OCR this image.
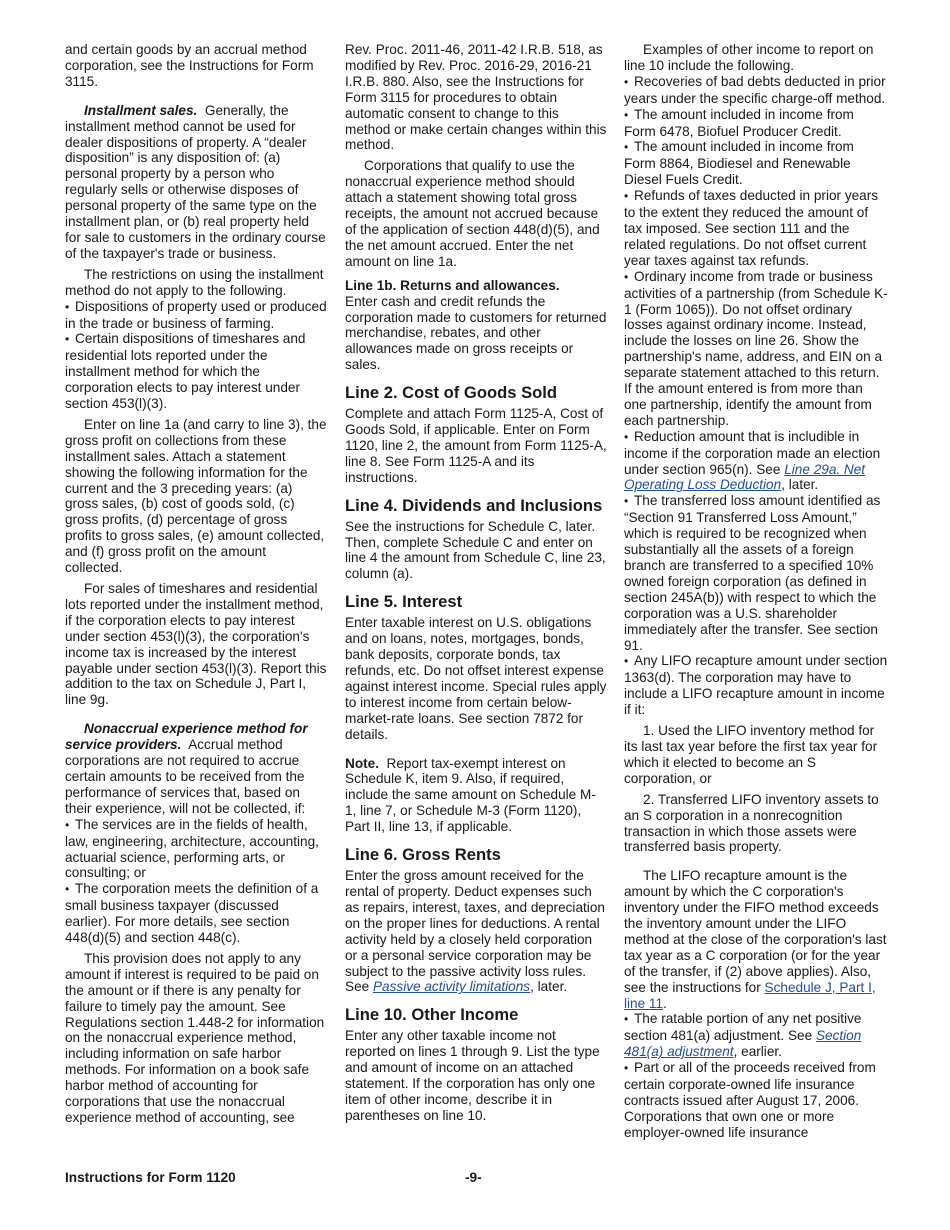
and certain goods by an accrual method corporation, see the Instructions for Form 3115.

Installment sales. Generally, the installment method cannot be used for dealer dispositions of property. A “dealer disposition” is any disposition of: (a) personal property by a person who regularly sells or otherwise disposes of personal property of the same type on the installment plan, or (b) real property held for sale to customers in the ordinary course of the taxpayer's trade or business.

The restrictions on using the installment method do not apply to the following.

• Dispositions of property used or produced in the trade or business of farming.

• Certain dispositions of timeshares and residential lots reported under the installment method for which the corporation elects to pay interest under section 453(l)(3).

Enter on line 1a (and carry to line 3), the gross profit on collections from these installment sales. Attach a statement showing the following information for the current and the 3 preceding years: (a) gross sales, (b) cost of goods sold, (c) gross profits, (d) percentage of gross profits to gross sales, (e) amount collected, and (f) gross profit on the amount collected.

For sales of timeshares and residential lots reported under the installment method, if the corporation elects to pay interest under section 453(l)(3), the corporation's income tax is increased by the interest payable under section 453(l)(3). Report this addition to the tax on Schedule J, Part I, line 9g.

Nonaccrual experience method for service providers. Accrual method corporations are not required to accrue certain amounts to be received from the performance of services that, based on their experience, will not be collected, if:

• The services are in the fields of health, law, engineering, architecture, accounting, actuarial science, performing arts, or consulting; or

• The corporation meets the definition of a small business taxpayer (discussed earlier). For more details, see section 448(d)(5) and section 448(c).

This provision does not apply to any amount if interest is required to be paid on the amount or if there is any penalty for failure to timely pay the amount. See Regulations section 1.448-2 for information on the nonaccrual experience method, including information on safe harbor methods. For information on a book safe harbor method of accounting for corporations that use the nonaccrual experience method of accounting, see

Rev. Proc. 2011-46, 2011-42 I.R.B. 518, as modified by Rev. Proc. 2016-29, 2016-21 I.R.B. 880. Also, see the Instructions for Form 3115 for procedures to obtain automatic consent to change to this method or make certain changes within this method.

Corporations that qualify to use the nonaccrual experience method should attach a statement showing total gross receipts, the amount not accrued because of the application of section 448(d)(5), and the net amount accrued. Enter the net amount on line 1a.

Line 1b. Returns and allowances.
Enter cash and credit refunds the corporation made to customers for returned merchandise, rebates, and other allowances made on gross receipts or sales.

Line 2. Cost of Goods Sold

Complete and attach Form 1125-A, Cost of Goods Sold, if applicable. Enter on Form 1120, line 2, the amount from Form 1125-A, line 8. See Form 1125-A and its instructions.

Line 4. Dividends and Inclusions

See the instructions for Schedule C, later. Then, complete Schedule C and enter on line 4 the amount from Schedule C, line 23, column (a).

Line 5. Interest

Enter taxable interest on U.S. obligations and on loans, notes, mortgages, bonds, bank deposits, corporate bonds, tax refunds, etc. Do not offset interest expense against interest income. Special rules apply to interest income from certain below-market-rate loans. See section 7872 for details.

Note. Report tax-exempt interest on Schedule K, item 9. Also, if required, include the same amount on Schedule M-1, line 7, or Schedule M-3 (Form 1120), Part II, line 13, if applicable.

Line 6. Gross Rents

Enter the gross amount received for the rental of property. Deduct expenses such as repairs, interest, taxes, and depreciation on the proper lines for deductions. A rental activity held by a closely held corporation or a personal service corporation may be subject to the passive activity loss rules. See Passive activity limitations, later.

Line 10. Other Income

Enter any other taxable income not reported on lines 1 through 9. List the type and amount of income on an attached statement. If the corporation has only one item of other income, describe it in parentheses on line 10.

Examples of other income to report on line 10 include the following.

• Recoveries of bad debts deducted in prior years under the specific charge-off method.

• The amount included in income from Form 6478, Biofuel Producer Credit.

• The amount included in income from Form 8864, Biodiesel and Renewable Diesel Fuels Credit.

• Refunds of taxes deducted in prior years to the extent they reduced the amount of tax imposed. See section 111 and the related regulations. Do not offset current year taxes against tax refunds.

• Ordinary income from trade or business activities of a partnership (from Schedule K-1 (Form 1065)). Do not offset ordinary losses against ordinary income. Instead, include the losses on line 26. Show the partnership's name, address, and EIN on a separate statement attached to this return. If the amount entered is from more than one partnership, identify the amount from each partnership.

• Reduction amount that is includible in income if the corporation made an election under section 965(n). See Line 29a. Net Operating Loss Deduction, later.

• The transferred loss amount identified as “Section 91 Transferred Loss Amount,” which is required to be recognized when substantially all the assets of a foreign branch are transferred to a specified 10% owned foreign corporation (as defined in section 245A(b)) with respect to which the corporation was a U.S. shareholder immediately after the transfer. See section 91.

• Any LIFO recapture amount under section 1363(d). The corporation may have to include a LIFO recapture amount in income if it:

1. Used the LIFO inventory method for its last tax year before the first tax year for which it elected to become an S corporation, or

2. Transferred LIFO inventory assets to an S corporation in a nonrecognition transaction in which those assets were transferred basis property.

The LIFO recapture amount is the amount by which the C corporation's inventory under the FIFO method exceeds the inventory amount under the LIFO method at the close of the corporation's last tax year as a C corporation (or for the year of the transfer, if (2) above applies). Also, see the instructions for Schedule J, Part I, line 11.

• The ratable portion of any net positive section 481(a) adjustment. See Section 481(a) adjustment, earlier.

• Part or all of the proceeds received from certain corporate-owned life insurance contracts issued after August 17, 2006. Corporations that own one or more employer-owned life insurance

Instructions for Form 1120	-9-
